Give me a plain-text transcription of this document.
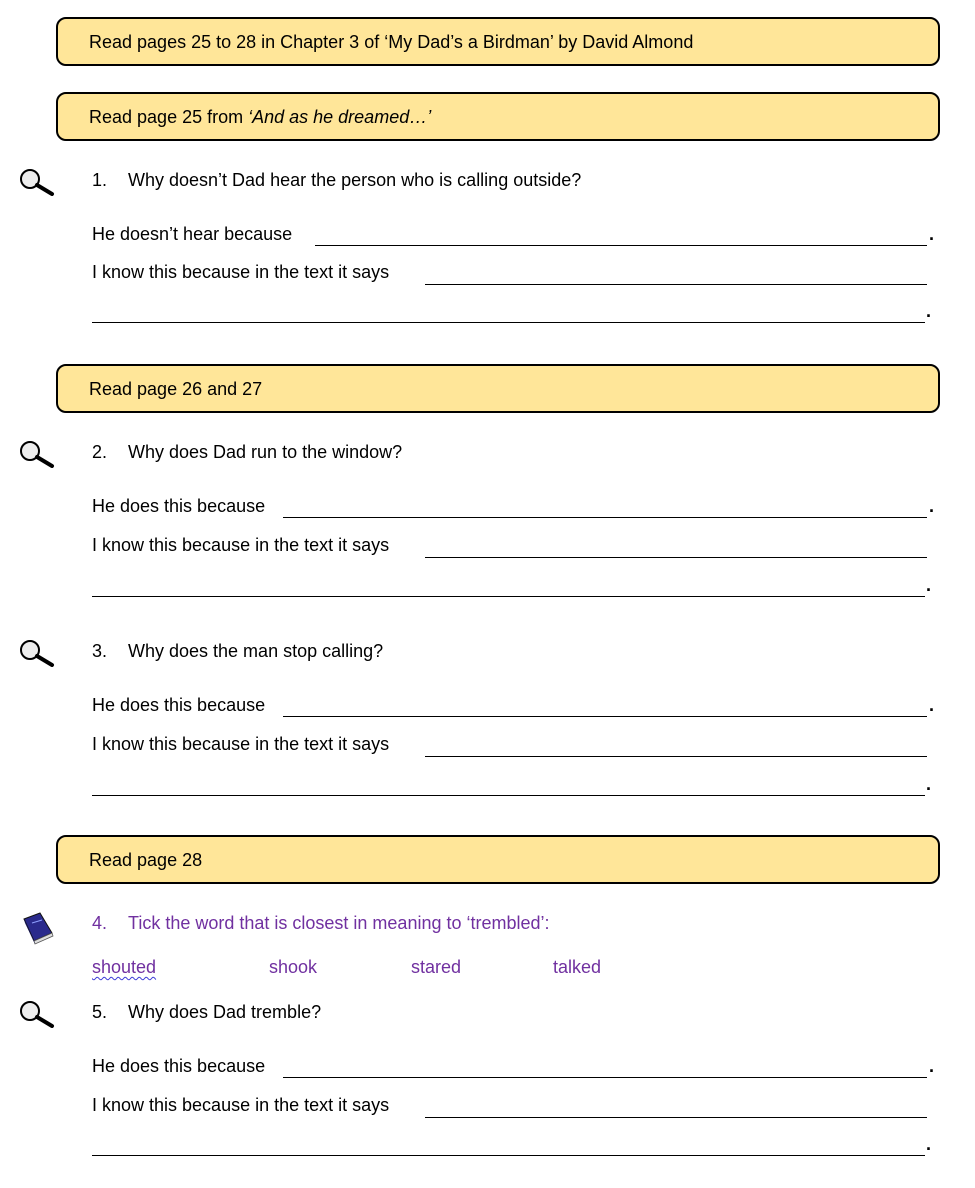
Read pages 25 to 28 in Chapter 3 of ‘My Dad’s a Birdman’ by David Almond
Read page 25 from ‘And as he dreamed…’
1. Why doesn’t Dad hear the person who is calling outside?
He doesn’t hear because	.
I know this because in the text it says
.
Read page 26 and 27
2. Why does Dad run to the window?
He does this because	.
I know this because in the text it says
.
3. Why does the man stop calling?
He does this because	.
I know this because in the text it says
.
Read page 28
4. Tick the word that is closest in meaning to ‘trembled’:
shouted	shook	stared	talked
5. Why does Dad tremble?
He does this because	.
I know this because in the text it says
.
